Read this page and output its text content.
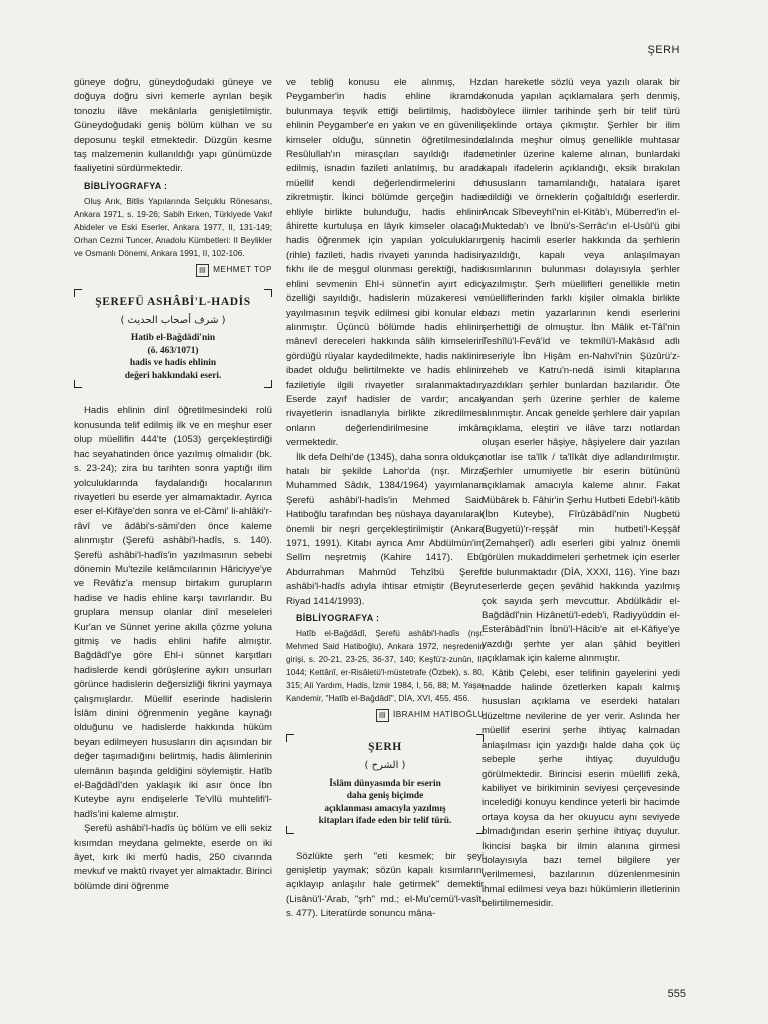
ŞERH

güneye doğru, güneydoğudaki güneye ve doğuya doğru sivri kemerle ayrılan beşik tonozlu ilâve mekânlarla genişletilmiştir. Güneydoğudaki geniş bölüm külhan ve su deposunu teşkil etmektedir. Düzgün kesme taş malzemenin kullanıldığı yapı günümüzde faaliyetini sürdürmektedir.

BİBLİYOGRAFYA :

Oluş Arık, Bitlis Yapılarında Selçuklu Rönesansı, Ankara 1971, s. 19-26; Sabih Erken, Türkiyede Vakıf Abideler ve Eski Eserler, Ankara 1977, II, 131-149; Orhan Cezmi Tuncer, Anadolu Kümbetleri: II Beylikler ve Osmanlı Dönemi, Ankara 1991, II, 102-106.

▤ MEHMET TOP

ŞEREFÜ ASHÂBİ'L-HADİS
( شرف أصحاب الحديث )
Hatib el-Bağdâdî'nin
(ö. 463/1071)
hadis ve hadis ehlinin
değeri hakkındaki eseri.

Hadis ehlinin dinî öğretilmesindeki rolü konusunda telif edilmiş ilk ve en meşhur eser olup müellifin 444'te (1053) gerçekleştirdiği hac seyahatinden önce yazılmış olmalıdır (bk. s. 23-24); zira bu tarihten sonra yaptığı ilim yolculuklarında faydalandığı hocalarının rivayetleri bu eserde yer almamaktadır. Ayrıca eser el-Kifâye'den sonra ve el-Câmi' li-ahlâki'r-râvî ve âdâbi's-sâmi'den önce kaleme alınmıştır (Şerefü ashâbi'l-hadîs, s. 140). Şerefü ashâbi'l-hadîs'in yazılmasının sebebi dönemin Mu'tezile kelâmcılarının Hâriciyye'ye ve Revâfız'a mensup birtakım gurupların hadise ve hadis ehline karşı tavırlarıdır. Bu gruplara mensup olanlar dinî meseleleri Kur'an ve Sünnet yerine akılla çözme yoluna gitmiş ve hadis ehlini hafife almıştır. Bağdâdî'ye göre Ehl-i sünnet karşıtları hadislerde kendi görüşlerine aykırı unsurları görünce hadislerin değersizliği fikrini yaymaya çalışmışlardır. Müellif eserinde hadislerin İslâm dinini öğrenmenin yegâne kaynağı olduğunu ve hadislerde hakkında hüküm beyan edilmeyen hususların din açısından bir değer taşımadığını belirtmiş, hadis âlimlerinin ulemânın başında geldiğini söylemiştir. Hatîb el-Bağdâdî'den yaklaşık iki asır önce İbn Kuteybe aynı endişelerle Te'vîlü muhtelifi'l-hadîs'ini kaleme almıştır.

Şerefü ashâbi'l-hadîs üç bölüm ve elli sekiz kısımdan meydana gelmekte, eserde on iki âyet, kırk iki merfû hadis, 250 civarında mevkuf ve maktû rivayet yer almaktadır. Birinci bölümde dini öğrenme

ve tebliğ konusu ele alınmış, Hz. Peygamber'in hadis ehline ikramda bulunmaya teşvik ettiği belirtilmiş, hadis ehlinin Peygamber'e en yakın ve en güvenilir kimseler olduğu, sünnetin öğretilmesinde Resûlullah'ın mirasçıları sayıldığı ifade edilmiş, isnadın fazileti anlatılmış, bu arada müellif kendi değerlendirmelerini de zikretmiştir. İkinci bölümde gerçeğin hadis ehliyle birlikte bulunduğu, hadis ehlinin âhirette kurtuluşa en lâyık kimseler olacağı, hadis öğrenmek için yapılan yolculukların (rihle) fazileti, hadis rivayeti yanında hadisin fıkhı ile de meşgul olunması gerektiği, hadis ehlini sevmenin Ehl-i sünnet'in ayırt edici özelliği sayıldığı, hadislerin müzakeresi ve yayılmasının teşvik edilmesi gibi konular ele alınmıştır. Üçüncü bölümde hadis ehlinin mânevî dereceleri hakkında sâlih kimselerin gördüğü rüyalar kaydedilmekte, hadis naklinin ibadet olduğu belirtilmekte ve hadis ehlinin faziletiyle ilgili rivayetler sıralanmaktadır. Eserde zayıf hadisler de vardır; ancak rivayetlerin isnadlarıyla birlikte zikredilmesi onların değerlendirilmesine imkân vermektedir.

İlk defa Delhi'de (1345), daha sonra oldukça hatalı bir şekilde Lahor'da (nşr. Mirza Muhammed Sâdık, 1384/1964) yayımlanan Şerefü ashâbi'l-hadîs'in Mehmed Said Hatiboğlu tarafından beş nüshaya dayanılarak önemli bir neşri gerçekleştirilmiştir (Ankara 1971, 1991). Kitabı ayrıca Amr Abdülmün'im Selîm neşretmiş (Kahire 1417). Ebû Abdurrahman Mahmûd Tehzîbü Şerefi ashâbi'l-hadîs adıyla ihtisar etmiştir (Beyrut-Riyad 1414/1993).

BİBLİYOGRAFYA :

Hatîb el-Bağdâdî, Şerefü ashâbi'l-hadîs (nşr. Mehmed Said Hatiboğlu), Ankara 1972, neşredenin girişi, s. 20-21, 23-25, 36-37, 140; Keşfü'z-zunûn, II, 1044; Kettânî, er-Risâletü'l-müstetrafe (Özbek), s. 80, 315; Ali Yardım, Hadis, İzmir 1984, I, 56, 88; M. Yaşar Kandemir, "Hatîb el-Bağdâdî", DİA, XVI, 455, 456.

▤ İBRAHİM HATİBOĞLU

ŞERH
( الشرح )
İslâm dünyasında bir eserin
daha geniş biçimde
açıklanması amacıyla yazılmış
kitapları ifade eden bir telif türü.

Sözlükte şerh "eti kesmek; bir şeyi genişletip yaymak; sözün kapalı kısımlarını açıklayıp anlaşılır hale getirmek" demektir (Lisânü'l-'Arab, "şrh" md.; el-Mu'cemü'l-vasît, s. 477). Literatürde sonuncu mâna-

dan hareketle sözlü veya yazılı olarak bir konuda yapılan açıklamalara şerh denmiş, böylece ilimler tarihinde şerh bir telif türü şeklinde ortaya çıkmıştır. Şerhler bir ilim dalında meşhur olmuş genellikle muhtasar metinler üzerine kaleme alınan, bunlardaki kapalı ifadelerin açıklandığı, eksik bırakılan hususların tamamlandığı, hatalara işaret edildiği ve örneklerin çoğaltıldığı eserlerdir. Ancak Sîbeveyhî'nin el-Kitâb'ı, Müberred'in el-Muktedab'ı ve İbnü's-Serrâc'ın el-Usûl'ü gibi geniş hacimli eserler hakkında da şerhlerin yazıldığı, kapalı veya anlaşılmayan kısımlarının bulunması dolayısıyla şerhler yazılmıştır. Şerh müellifleri genellikle metin müelliflerinden farklı kişiler olmakla birlikte bazı metin yazarlarının kendi eserlerini şerhettiği de olmuştur. İbn Mâlik et-Tâî'nin Teshîlü'l-Fevâ'id ve tekmîlü'l-Makâsıd adlı eseriyle İbn Hişâm en-Nahvî'nin Şüzûrü'z-zeheb ve Katru'n-nedâ isimli kitaplarına yazdıkları şerhler bunlardan bazılarıdır. Öte yandan şerh üzerine şerhler de kaleme alınmıştır. Ancak genelde şerhlere dair yapılan açıklama, eleştiri ve ilâve tarzı notlardan oluşan eserler hâşiye, hâşiyelere dair yazılan notlar ise ta'lîk / ta'lîkât diye adlandırılmıştır. Şerhler umumiyetle bir eserin bütününü açıklamak amacıyla kaleme alınır. Fakat Mübârek b. Fâhir'in Şerhu Hutbeti Edebi'l-kâtib (İbn Kuteybe), Fîrûzâbâdî'nin Nugbetü (Bugyetü)'r-reşşâf min hutbeti'l-Keşşâf (Zemahşerî) adlı eserleri gibi yalnız önemli görülen mukaddimeleri şerhetmek için eserler de bulunmaktadır (DİA, XXXI, 116). Yine bazı eserlerde geçen şevâhid hakkında yazılmış çok sayıda şerh mevcuttur. Abdülkâdir el-Bağdâdî'nin Hizânetü'l-edeb'i, Radiyyüddin el-Esterâbâdî'nin İbnü'l-Hâcib'e ait el-Kâfiye'ye yazdığı şerhte yer alan şâhid beyitleri açıklamak için kaleme alınmıştır.

Kâtib Çelebi, eser telifinin gayelerini yedi madde halinde özetlerken kapalı kalmış hususları açıklama ve eserdeki hataları düzeltme nevilerine de yer verir. Aslında her müellif eserini şerhe ihtiyaç kalmadan anlaşılması için yazdığı halde daha çok üç sebeple şerhe ihtiyaç duyulduğu görülmektedir. Birincisi eserin müellifi zekâ, kabiliyet ve birikiminin seviyesi çerçevesinde incelediği konuyu kendince yeterli bir hacimde ortaya koysa da her okuyucu aynı seviyede olmadığından eserin şerhine ihtiyaç duyulur. İkincisi başka bir ilmin alanına girmesi dolayısıyla bazı temel bilgilere yer verilmemesi, bazılarının düzenlenmesinin ihmal edilmesi veya bazı hükümlerin illetlerinin belirtilmemesidir.

555
